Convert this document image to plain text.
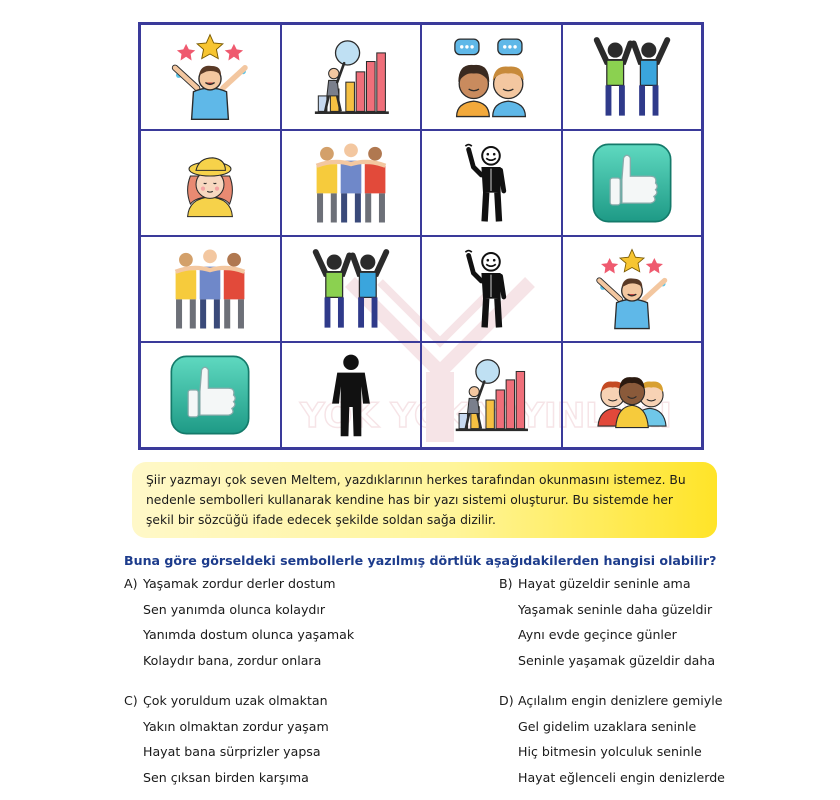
YOK YOK YAYINLARI
Şiir yazmayı çok seven Meltem, yazdıklarının herkes tarafından okunmasını istemez. Bu nedenle sembolleri kullanarak kendine has bir yazı sistemi oluşturur. Bu sistemde her şekil bir sözcüğü ifade edecek şekilde soldan sağa dizilir.
Buna göre görseldeki sembollerle yazılmış dörtlük aşağıdakilerden hangisi olabilir?
A) Yaşamak zordur derler dostum
Sen yanımda olunca kolaydır
Yanımda dostum olunca yaşamak
Kolaydır bana, zordur onlara
B) Hayat güzeldir seninle ama
Yaşamak seninle daha güzeldir
Aynı evde geçince günler
Seninle yaşamak güzeldir daha
C) Çok yoruldum uzak olmaktan
Yakın olmaktan zordur yaşam
Hayat bana sürprizler yapsa
Sen çıksan birden karşıma
D) Açılalım engin denizlere gemiyle
Gel gidelim uzaklara seninle
Hiç bitmesin yolculuk seninle
Hayat eğlenceli engin denizlerde
